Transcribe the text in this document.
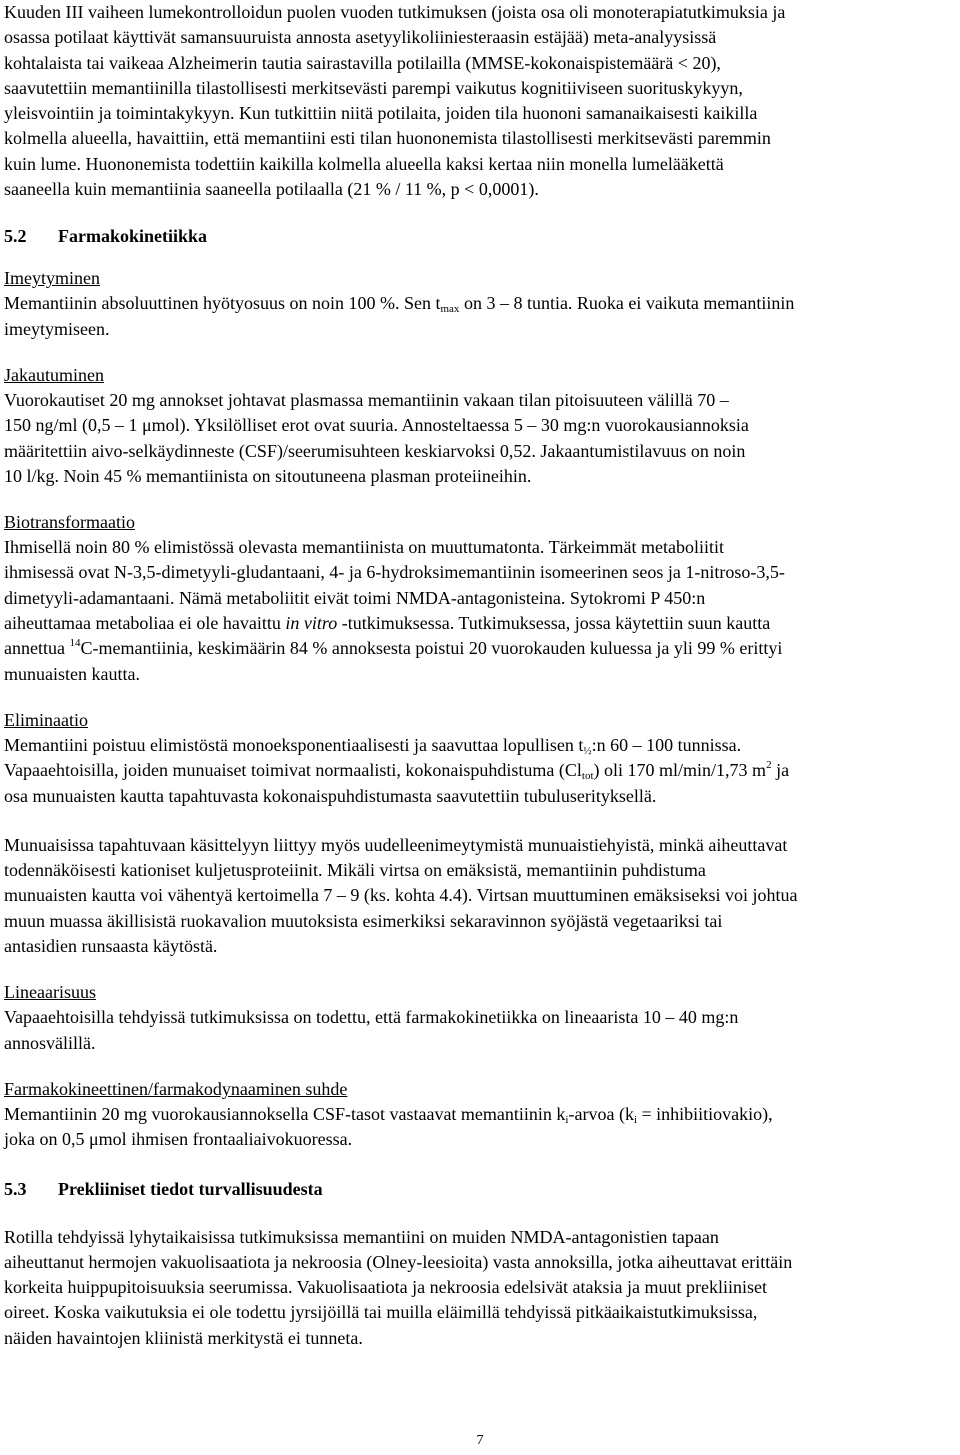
Kuuden III vaiheen lumekontrolloidun puolen vuoden tutkimuksen (joista osa oli monoterapiatutkimuksia ja

osassa potilaat käyttivät samansuuruista annosta asetyylikoliiniesteraasin estäjää) meta-analyysissä

kohtalaista tai vaikeaa Alzheimerin tautia sairastavilla potilailla (MMSE-kokonaispistemäärä < 20),

saavutettiin memantiinilla tilastollisesti merkitsevästi parempi vaikutus kognitiiviseen suorituskykyyn,

yleisvointiin ja toimintakykyyn. Kun tutkittiin niitä potilaita, joiden tila huononi samanaikaisesti kaikilla

kolmella alueella, havaittiin, että memantiini esti tilan huononemista tilastollisesti merkitsevästi paremmin

kuin lume. Huononemista todettiin kaikilla kolmella alueella kaksi kertaa niin monella lumelääkettä

saaneella kuin memantiinia saaneella potilaalla (21 % / 11 %, p < 0,0001).

5.2 Farmakokinetiikka

Imeytyminen

Memantiinin absoluuttinen hyötyosuus on noin 100 %. Sen $t_{max}$ on 3 – 8 tuntia. Ruoka ei vaikuta memantiinin

imeytymiseen.

Jakautuminen

Vuorokautiset 20 mg annokset johtavat plasmassa memantiinin vakaan tilan pitoisuuteen välillä 70 –

150 ng/ml (0,5 – 1 μmol). Yksilölliset erot ovat suuria. Annosteltaessa 5 – 30 mg:n vuorokausiannoksia

määritettiin aivo-selkäydinneste (CSF)/seerumisuhteen keskiarvoksi 0,52. Jakaantumistilavuus on noin

10 l/kg. Noin 45 % memantiinista on sitoutuneena plasman proteiineihin.

Biotransformaatio

Ihmisellä noin 80 % elimistössä olevasta memantiinista on muuttumatonta. Tärkeimmät metaboliitit

ihmisessä ovat N-3,5-dimetyyli-gludantaani, 4- ja 6-hydroksimemantiinin isomeerinen seos ja 1-nitroso-3,5-

dimetyyli-adamantaani. Nämä metaboliitit eivät toimi NMDA-antagonisteina. Sytokromi P 450:n

aiheuttamaa metaboliaa ei ole havaittu in vitro -tutkimuksessa. Tutkimuksessa, jossa käytettiin suun kautta

annettua $^{14}$C-memantiinia, keskimäärin 84 % annoksesta poistui 20 vuorokauden kuluessa ja yli 99 % erittyi

munuaisten kautta.

Eliminaatio

Memantiini poistuu elimistöstä monoeksponentiaalisesti ja saavuttaa lopullisen $t_{\frac{1}{2}}:n$ 60 – 100 tunnissa.

Vapaaehtoisilla, joiden munuaiset toimivat normaalisti, kokonaispuhdistuma $(Cl_{tot})$ oli 170 ml/min/1,73 $m^2$ ja

osa munuaisten kautta tapahtuvasta kokonaispuhdistumasta saavutettiin tubuluserityksellä.

Munuaisissa tapahtuvaan käsittelyyn liittyy myös uudelleenimeytymistä munuaistiehyistä, minkä aiheuttavat

todennäköisesti kationiset kuljetusproteiinit. Mikäli virtsa on emäksistä, memantiinin puhdistuma

munuaisten kautta voi vähentyä kertoimella 7 – 9 (ks. kohta 4.4). Virtsan muuttuminen emäksiseksi voi johtua

muun muassa äkillisistä ruokavalion muutoksista esimerkiksi sekaravinnon syöjästä vegetaariksi tai

antasidien runsaasta käytöstä.

Lineaarisuus

Vapaaehtoisilla tehdyissä tutkimuksissa on todettu, että farmakokinetiikka on lineaarista 10 – 40 mg:n

annosvälillä.

Farmakokineettinen/farmakodynaaminen suhde

Memantiinin 20 mg vuorokausiannoksella CSF-tasot vastaavat memantiinin $k_i$-arvoa ($k_i$ = inhibiitiovakio),

joka on 0,5 μmol ihmisen frontaaliaivokuoressa.

5.3 Prekliiniset tiedot turvallisuudesta

Rotilla tehdyissä lyhytaikaisissa tutkimuksissa memantiini on muiden NMDA-antagonistien tapaan

aiheuttanut hermojen vakuolisaatiota ja nekroosia (Olney-leesioita) vasta annoksilla, jotka aiheuttavat erittäin

korkeita huippupitoisuuksia seerumissa. Vakuolisaatiota ja nekroosia edelsivät ataksia ja muut prekliiniset

oireet. Koska vaikutuksia ei ole todettu jyrsijöillä tai muilla eläimillä tehdyissä pitkäaikaistutkimuksissa,

näiden havaintojen kliinistä merkitystä ei tunneta.

7
